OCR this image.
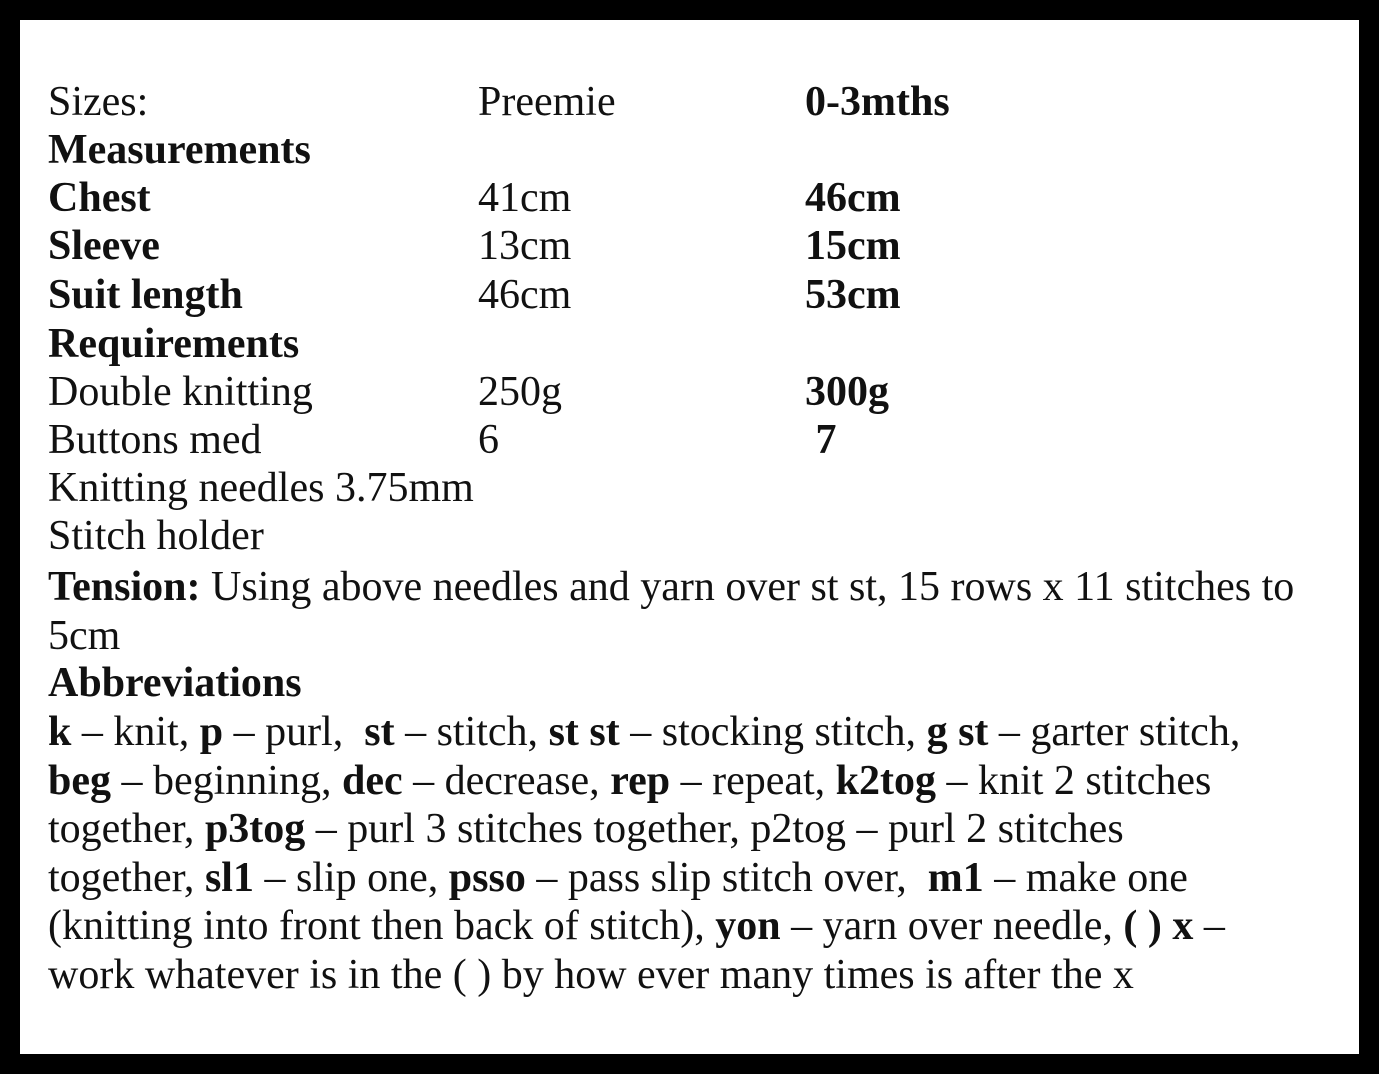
Sizes:	Preemie	0-3mths
Measurements
Chest	41cm	46cm
Sleeve	13cm	15cm
Suit length	46cm	53cm
Requirements
Double knitting	250g	300g
Buttons med	6	7
Knitting needles 3.75mm
Stitch holder
Tension: Using above needles and yarn over st st, 15 rows x 11 stitches to 5cm
Abbreviations
k – knit, p – purl,  st – stitch, st st – stocking stitch, g st – garter stitch, beg – beginning, dec – decrease, rep – repeat, k2tog – knit 2 stitches together, p3tog – purl 3 stitches together, p2tog – purl 2 stitches together, sl1 – slip one, psso – pass slip stitch over,  m1 – make one (knitting into front then back of stitch), yon – yarn over needle, ( ) x – work whatever is in the ( ) by how ever many times is after the x
